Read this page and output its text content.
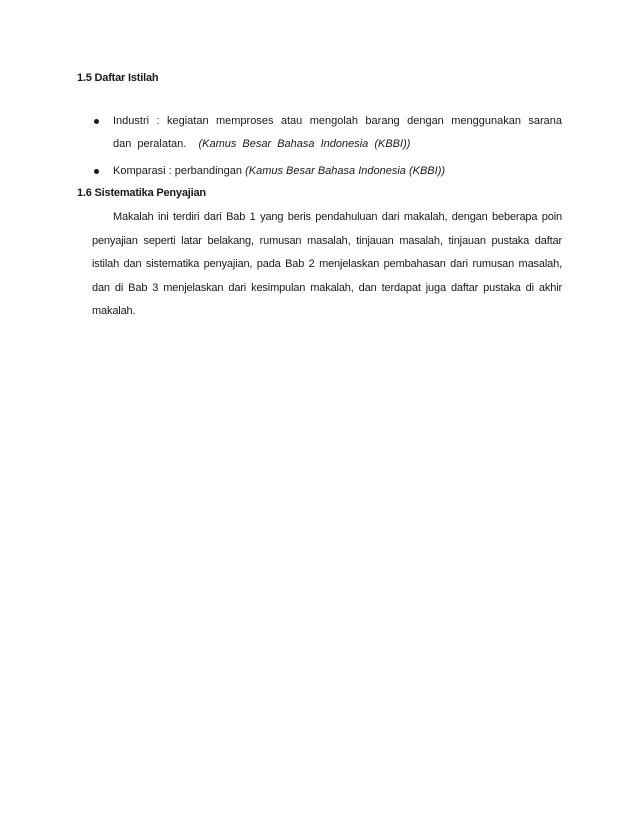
1.5 Daftar Istilah
Industri : kegiatan memproses atau mengolah barang dengan menggunakan sarana dan peralatan. (Kamus Besar Bahasa Indonesia (KBBI))
Komparasi : perbandingan (Kamus Besar Bahasa Indonesia (KBBI))
1.6 Sistematika Penyajian

Makalah ini terdiri dari Bab 1 yang beris pendahuluan dari makalah, dengan beberapa poin penyajian seperti latar belakang, rumusan masalah, tinjauan masalah, tinjauan pustaka daftar istilah dan sistematika penyajian, pada Bab 2 menjelaskan pembahasan dari rumusan masalah, dan di Bab 3 menjelaskan dari kesimpulan makalah, dan terdapat juga daftar pustaka di akhir makalah.
